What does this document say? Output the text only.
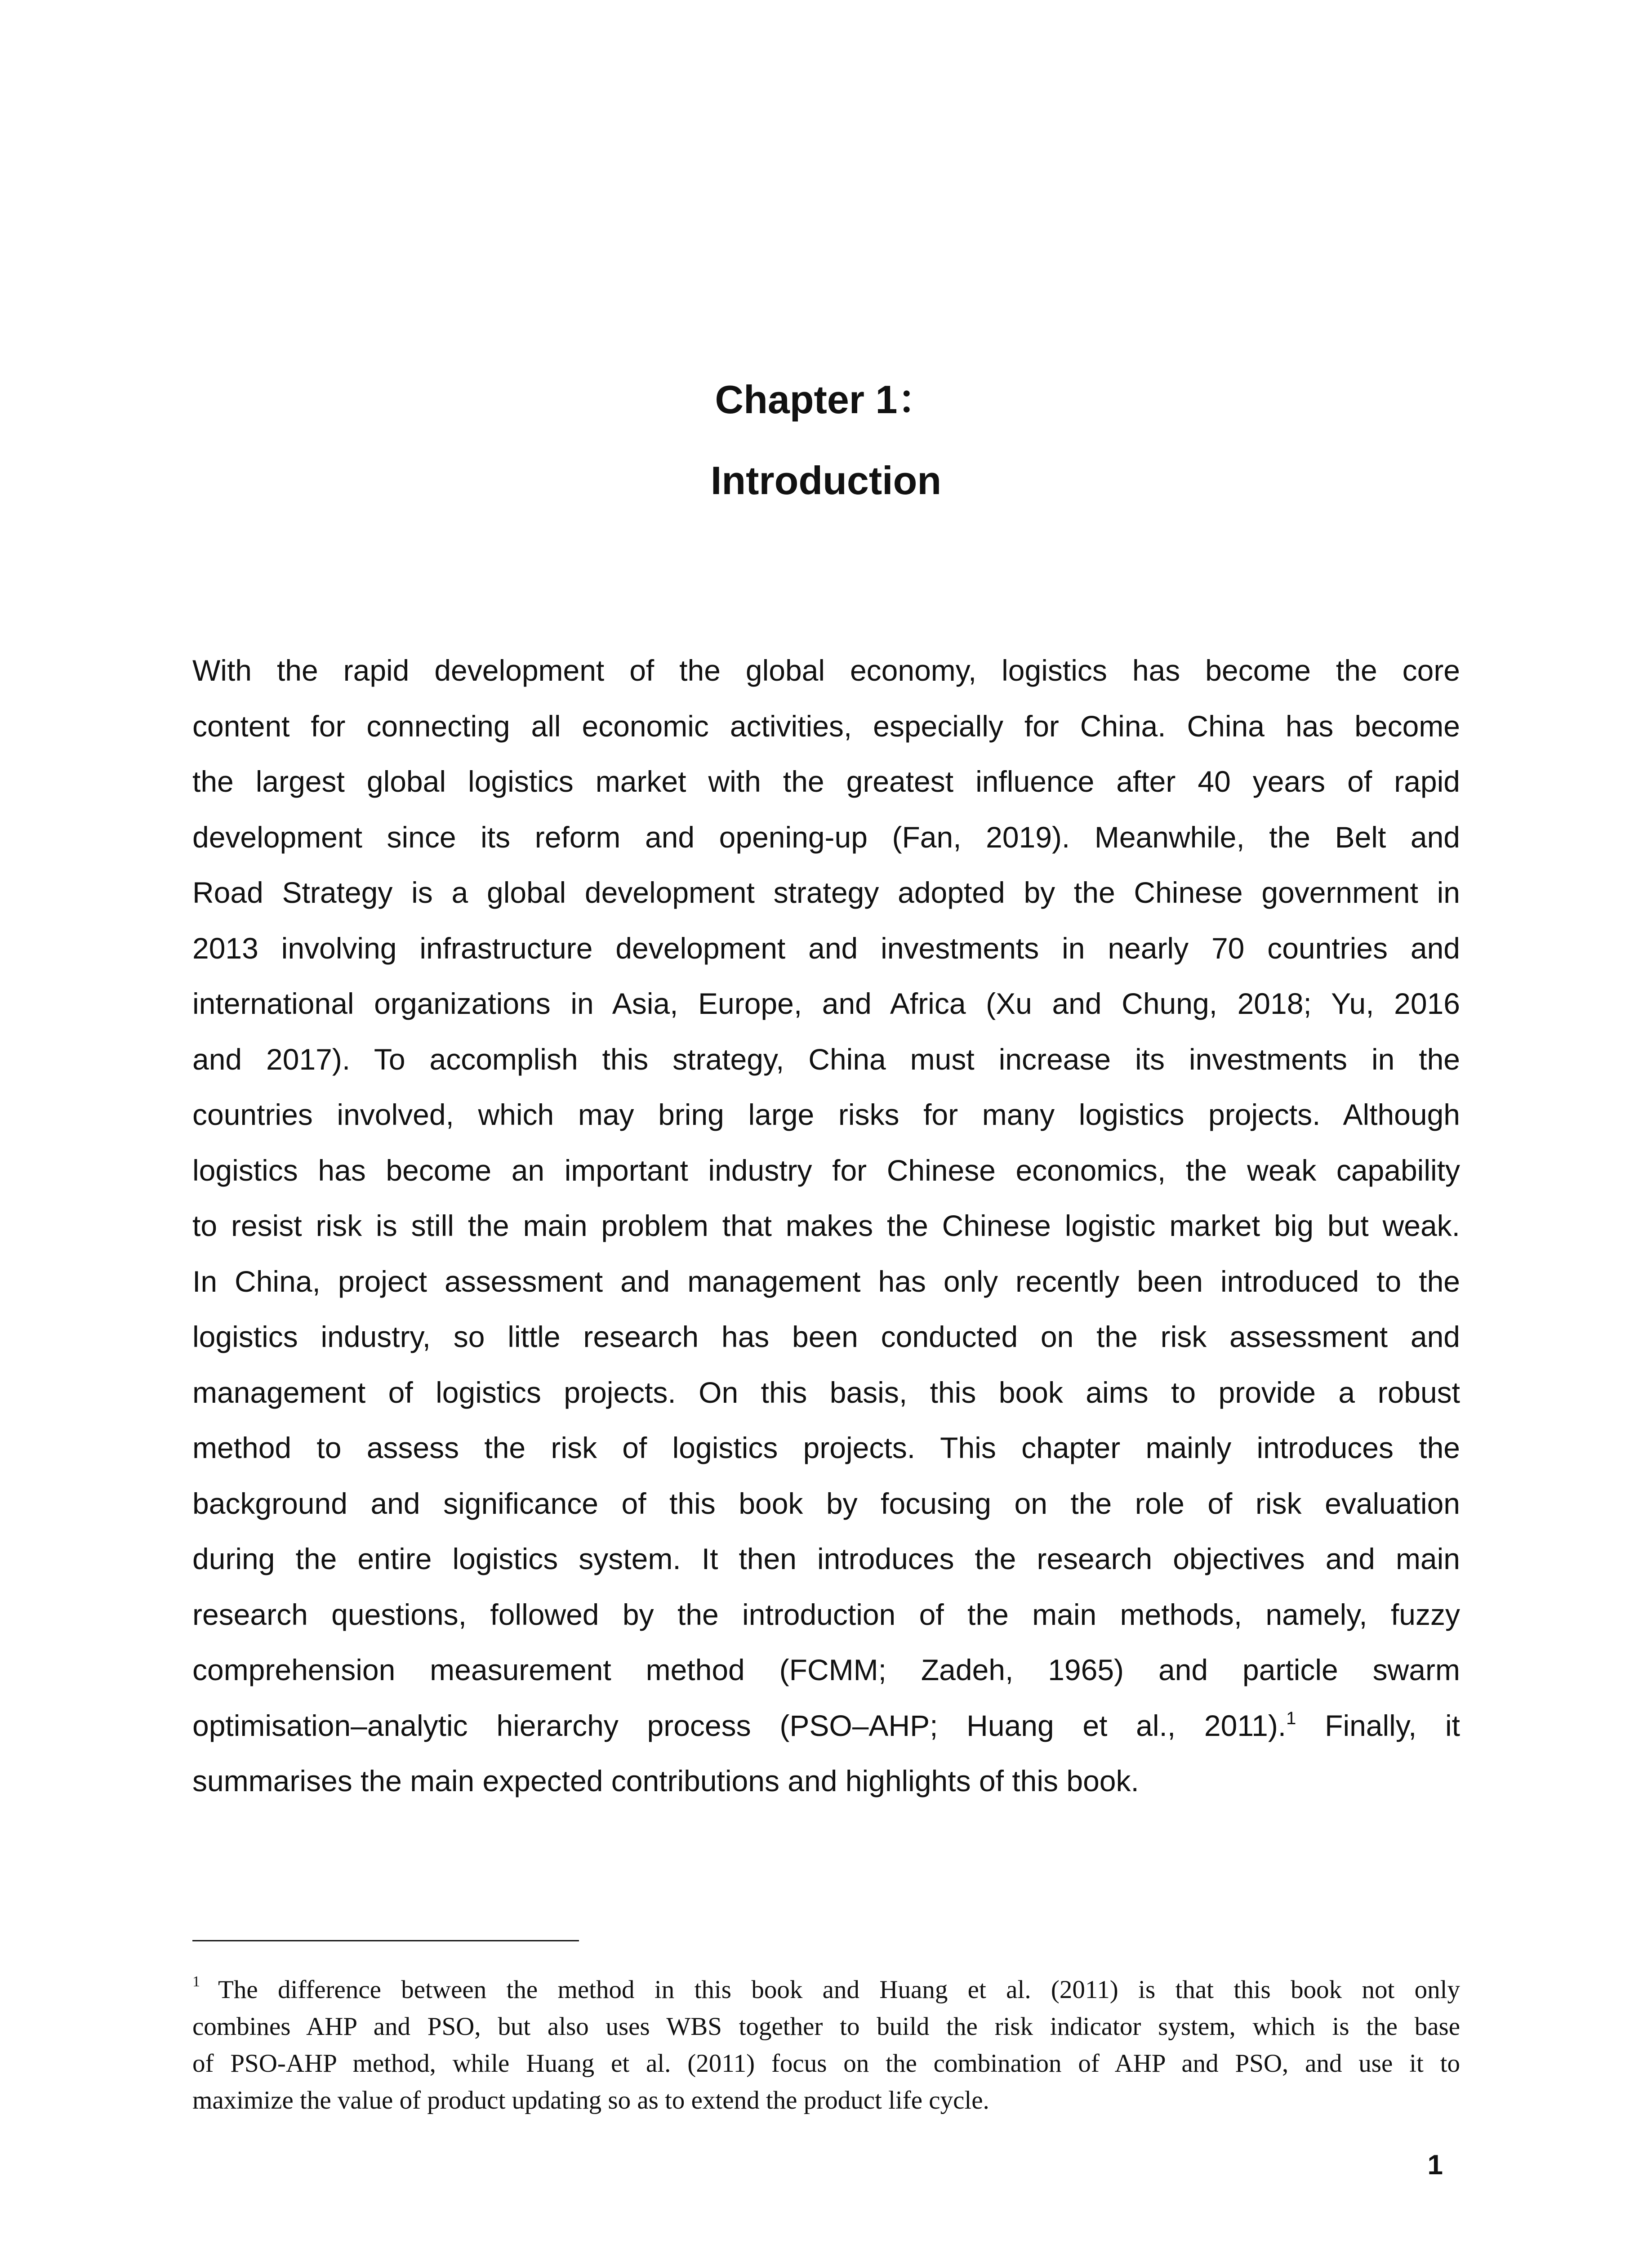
Chapter 1：
Introduction
With the rapid development of the global economy, logistics has become the core
content for connecting all economic activities, especially for China. China has become
the largest global logistics market with the greatest influence after 40 years of rapid
development since its reform and opening-up (Fan, 2019). Meanwhile, the Belt and
Road Strategy is a global development strategy adopted by the Chinese government in
2013 involving infrastructure development and investments in nearly 70 countries and
international organizations in Asia, Europe, and Africa (Xu and Chung, 2018; Yu, 2016
and 2017). To accomplish this strategy, China must increase its investments in the
countries involved, which may bring large risks for many logistics projects. Although
logistics has become an important industry for Chinese economics, the weak capability
to resist risk is still the main problem that makes the Chinese logistic market big but weak.
In China, project assessment and management has only recently been introduced to the
logistics industry, so little research has been conducted on the risk assessment and
management of logistics projects. On this basis, this book aims to provide a robust
method to assess the risk of logistics projects. This chapter mainly introduces the
background and significance of this book by focusing on the role of risk evaluation
during the entire logistics system. It then introduces the research objectives and main
research questions, followed by the introduction of the main methods, namely, fuzzy
comprehension measurement method (FCMM; Zadeh, 1965) and particle swarm
optimisation–analytic hierarchy process (PSO–AHP; Huang et al., 2011).$^1$ Finally, it
summarises the main expected contributions and highlights of this book.
$^1$ The difference between the method in this book and Huang et al. (2011) is that this book not only
combines AHP and PSO, but also uses WBS together to build the risk indicator system, which is the base
of PSO-AHP method, while Huang et al. (2011) focus on the combination of AHP and PSO, and use it to
maximize the value of product updating so as to extend the product life cycle.
1
